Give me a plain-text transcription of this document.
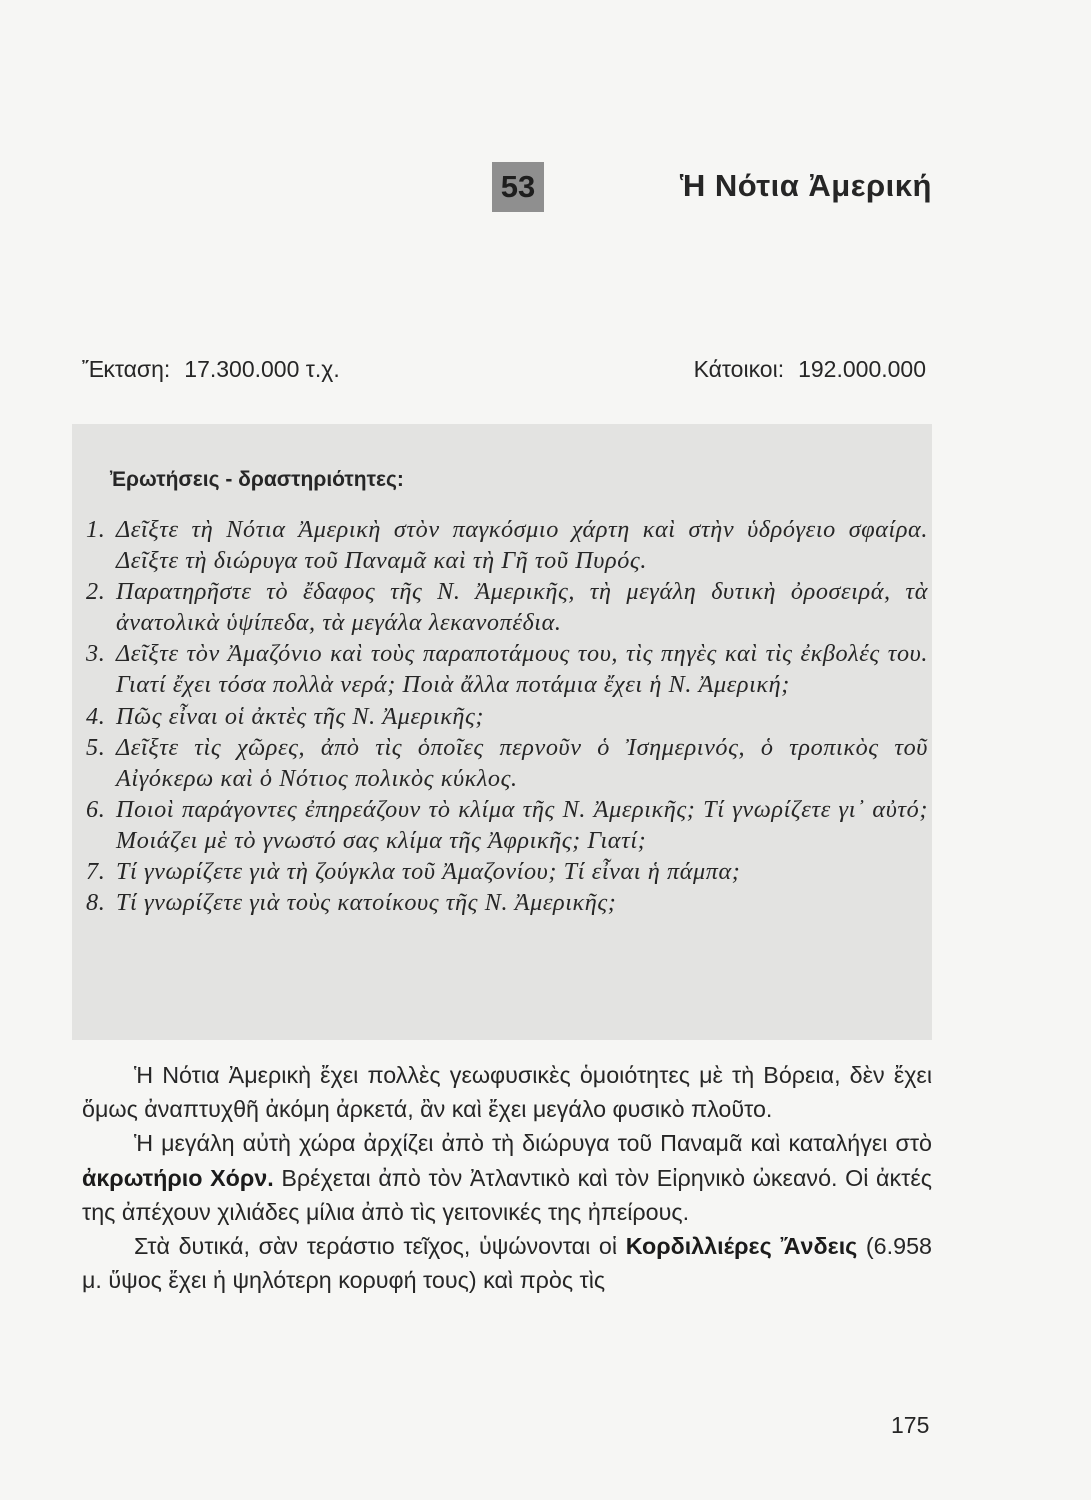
53	Ἡ Νότια Ἀμερική
Ἔκταση: 17.300.000 τ.χ.	Κάτοικοι: 192.000.000
Ἐρωτήσεις - δραστηριότητες:
1. Δεῖξτε τὴ Νότια Ἀμερικὴ στὸν παγκόσμιο χάρτη καὶ στὴν ὑδρόγειο σφαίρα. Δεῖξτε τὴ διώρυγα τοῦ Παναμᾶ καὶ τὴ Γῆ τοῦ Πυρός.
2. Παρατηρῆστε τὸ ἔδαφος τῆς Ν. Ἀμερικῆς, τὴ μεγάλη δυτικὴ ὀροσειρά, τὰ ἀνατολικὰ ὑψίπεδα, τὰ μεγάλα λεκανοπέδια.
3. Δεῖξτε τὸν Ἀμαζόνιο καὶ τοὺς παραποτάμους του, τὶς πηγὲς καὶ τὶς ἐκβολές του. Γιατί ἔχει τόσα πολλὰ νερά; Ποιὰ ἄλλα ποτάμια ἔχει ἡ Ν. Ἀμερική;
4. Πῶς εἶναι οἱ ἀκτὲς τῆς Ν. Ἀμερικῆς;
5. Δεῖξτε τὶς χῶρες, ἀπὸ τὶς ὁποῖες περνοῦν ὁ Ἰσημερινός, ὁ τροπικὸς τοῦ Αἰγόκερω καὶ ὁ Νότιος πολικὸς κύκλος.
6. Ποιοὶ παράγοντες ἐπηρεάζουν τὸ κλίμα τῆς Ν. Ἀμερικῆς; Τί γνωρίζετε γι᾽ αὐτό; Μοιάζει μὲ τὸ γνωστό σας κλίμα τῆς Ἀφρικῆς; Γιατί;
7. Τί γνωρίζετε γιὰ τὴ ζούγκλα τοῦ Ἀμαζονίου; Τί εἶναι ἡ πάμπα;
8. Τί γνωρίζετε γιὰ τοὺς κατοίκους τῆς Ν. Ἀμερικῆς;

Ἡ Νότια Ἀμερικὴ ἔχει πολλὲς γεωφυσικὲς ὁμοιότητες μὲ τὴ Βόρεια, δὲν ἔχει ὅμως ἀναπτυχθῆ ἀκόμη ἀρκετά, ἂν καὶ ἔχει μεγάλο φυσικὸ πλοῦτο.

Ἡ μεγάλη αὐτὴ χώρα ἀρχίζει ἀπὸ τὴ διώρυγα τοῦ Παναμᾶ καὶ καταλήγει στὸ ἀκρωτήριο Χόρν. Βρέχεται ἀπὸ τὸν Ἀτλαντικὸ καὶ τὸν Εἰρηνικὸ ὠκεανό. Οἱ ἀκτές της ἀπέχουν χιλιάδες μίλια ἀπὸ τὶς γειτονικές της ἠπείρους.

Στὰ δυτικά, σὰν τεράστιο τεῖχος, ὑψώνονται οἱ Κορδιλλιέρες Ἄνδεις (6.958 μ. ὕψος ἔχει ἡ ψηλότερη κορυφή τους) καὶ πρὸς τὶς

175
